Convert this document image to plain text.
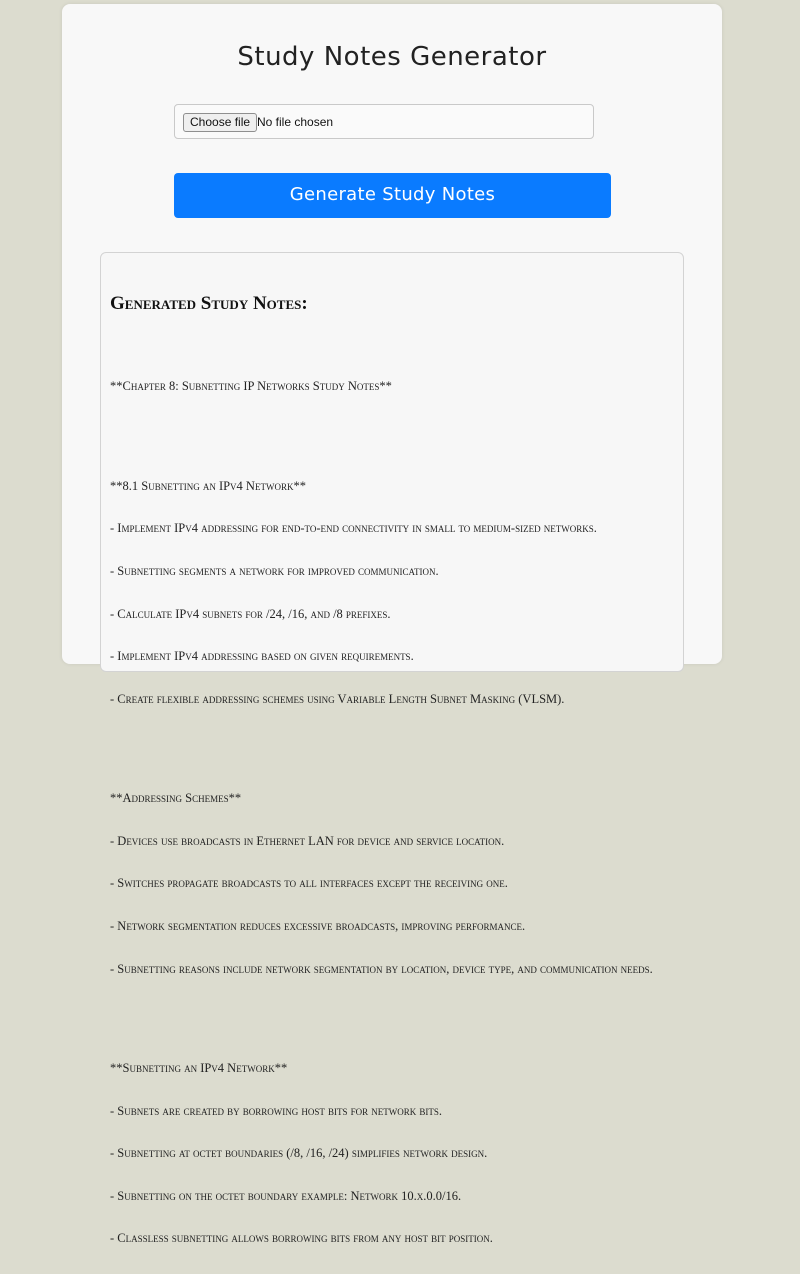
Study Notes Generator
Choose file No file chosen
Generate Study Notes
Generated Study Notes:

**Chapter 8: Subnetting IP Networks Study Notes**

**8.1 Subnetting an IPv4 Network**

- Implement IPv4 addressing for end-to-end connectivity in small to medium-sized networks.

- Subnetting segments a network for improved communication.

- Calculate IPv4 subnets for /24, /16, and /8 prefixes.

- Implement IPv4 addressing based on given requirements.

- Create flexible addressing schemes using Variable Length Subnet Masking (VLSM).

**Addressing Schemes**

- Devices use broadcasts in Ethernet LAN for device and service location.

- Switches propagate broadcasts to all interfaces except the receiving one.

- Network segmentation reduces excessive broadcasts, improving performance.

- Subnetting reasons include network segmentation by location, device type, and communication needs.

**Subnetting an IPv4 Network**

- Subnets are created by borrowing host bits for network bits.

- Subnetting at octet boundaries (/8, /16, /24) simplifies network design.

- Subnetting on the octet boundary example: Network 10.x.0.0/16.

- Classless subnetting allows borrowing bits from any host bit position.
